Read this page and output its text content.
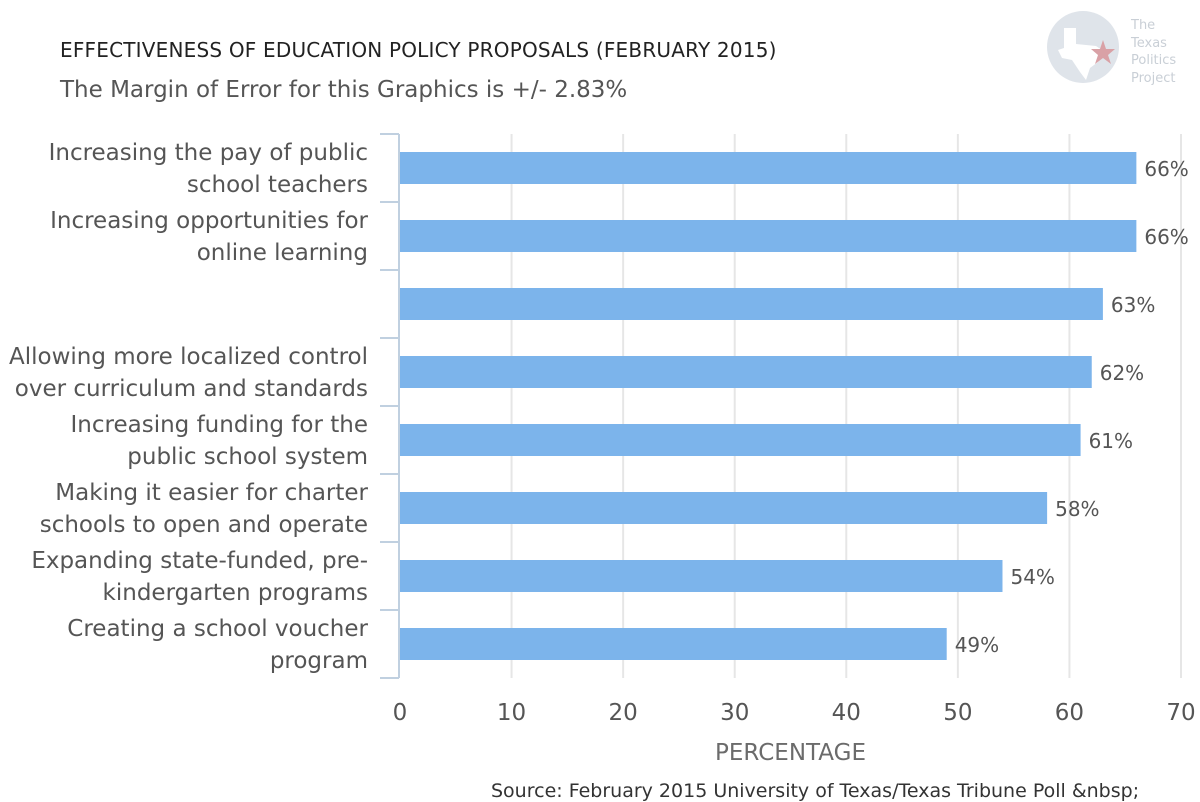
EFFECTIVENESS OF EDUCATION POLICY PROPOSALS (FEBRUARY 2015)
The Margin of Error for this Graphics is +/- 2.83%
The
Texas
Politics
Project
66%
Increasing the pay of public
school teachers
66%
Increasing opportunities for
online learning
63%
62%
Allowing more localized control
over curriculum and standards
61%
Increasing funding for the
public school system
58%
Making it easier for charter
schools to open and operate
54%
Expanding state-funded, pre-
kindergarten programs
49%
Creating a school voucher
program
0	10	20	30	40	50	60	70
PERCENTAGE
Source: February 2015 University of Texas/Texas Tribune Poll &nbsp;
